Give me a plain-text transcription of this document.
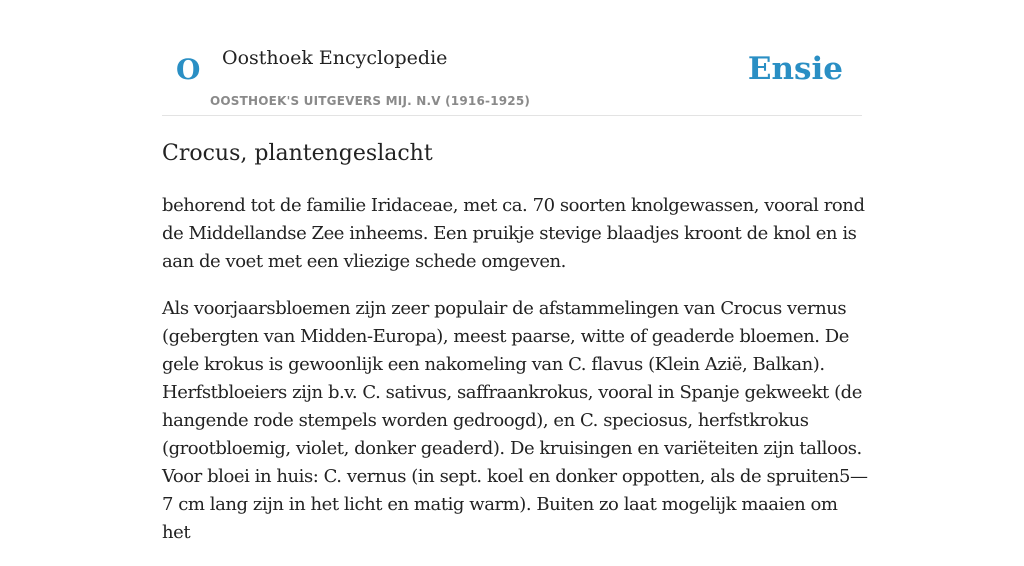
O Oosthoek Encyclopedie
OOSTHOEK'S UITGEVERS MIJ. N.V (1916-1925)
Ensie
Crocus, plantengeslacht

behorend tot de familie Iridaceae, met ca. 70 soorten knolgewassen, vooral rond de Middellandse Zee inheems. Een pruikje stevige blaadjes kroont de knol en is aan de voet met een vliezige schede omgeven.

Als voorjaarsbloemen zijn zeer populair de afstammelingen van Crocus vernus (gebergten van Midden-Europa), meest paarse, witte of geaderde bloemen. De gele krokus is gewoonlijk een nakomeling van C. flavus (Klein Azië, Balkan). Herfstbloeiers zijn b.v. C. sativus, saffraankrokus, vooral in Spanje gekweekt (de hangende rode stempels worden gedroogd), en C. speciosus, herfstkrokus (grootbloemig, violet, donker geaderd). De kruisingen en variëteiten zijn talloos. Voor bloei in huis: C. vernus (in sept. koel en donker oppotten, als de spruiten5—7 cm lang zijn in het licht en matig warm). Buiten zo laat mogelijk maaien om het
